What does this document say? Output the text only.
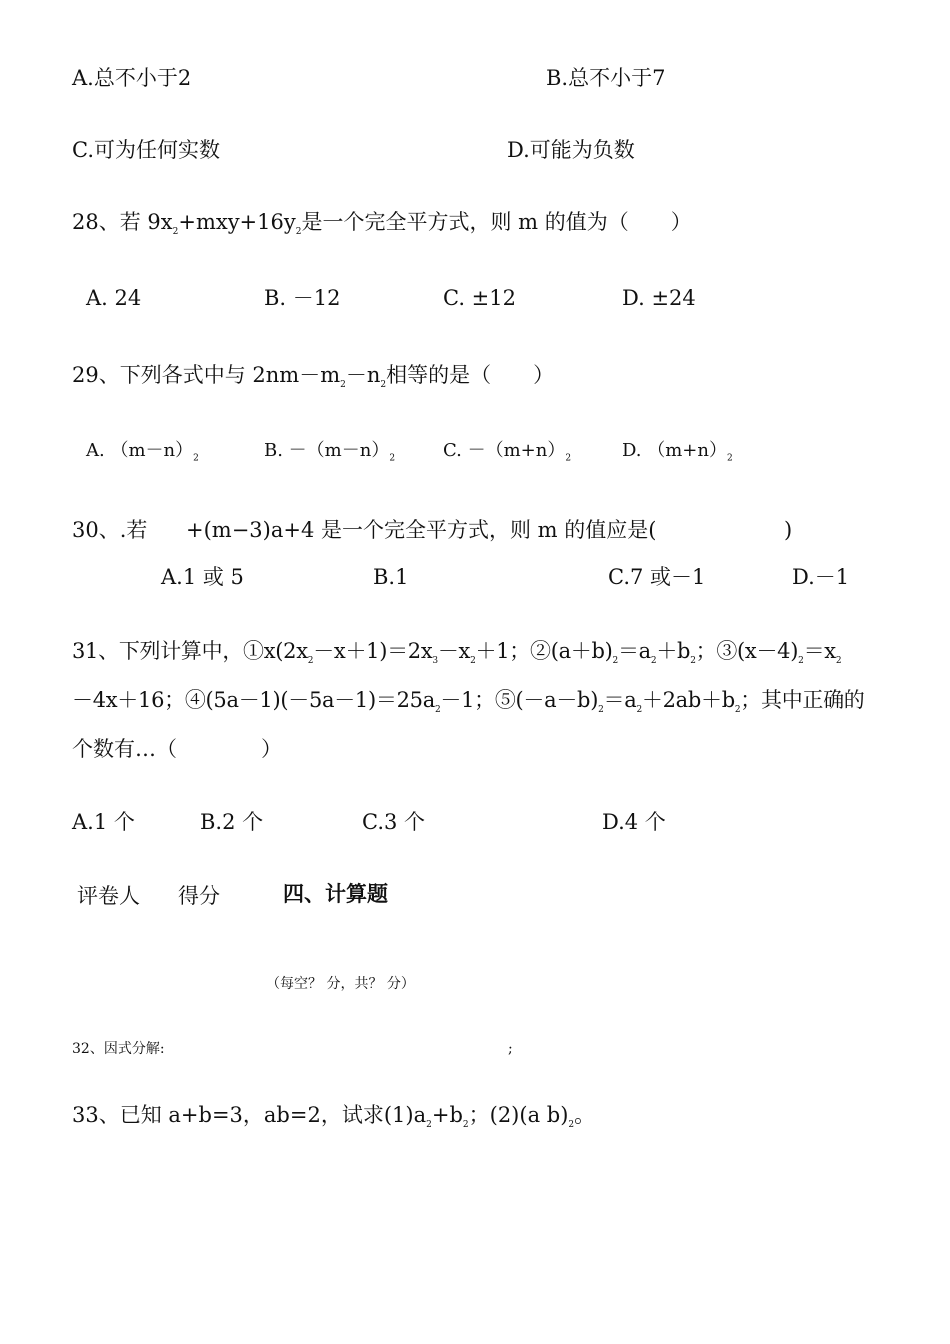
A.总不小于2	B.总不小于7
C.可为任何实数	D.可能为负数
28、若 $9x_2+mxy+16y_2$是一个完全平方式，则 m 的值为（　　）
A. 24	B. －12	C. ±12	D. ±24
29、下列各式中与 $2nm-m_2-n_2$相等的是（　　）
A. $(m-n)_2$	B. $-(m-n)_2$	C. $-(m+n)_2$	D. $(m+n)_2$
30、.若 +(m−3)a+4 是一个完全平方式，则 m 的值应是(	)
A.1 或 5	B.1	C.7 或－1	D.－1
31、下列计算中，$①x(2x_2-x+1)=2x_3-x_2+1$；$②(a+b)_2=a_2+b_2$；$③(x-4)_2=x_2$
－4x＋16；$④(5a-1)(-5a-1)=25a_2-1$；$⑤(-a-b)_2=a_2+2ab+b_2$；其中正确的
个数有…（　　　　）
A.1 个	B.2 个	C.3 个	D.4 个
评卷人 得分	四、计算题
（每空？ 分，共？ 分）
32、因式分解:	;
33、已知 a+b=3，ab=2，试求$(1)a_2+b_2$；(2)(a $b)_2$。
